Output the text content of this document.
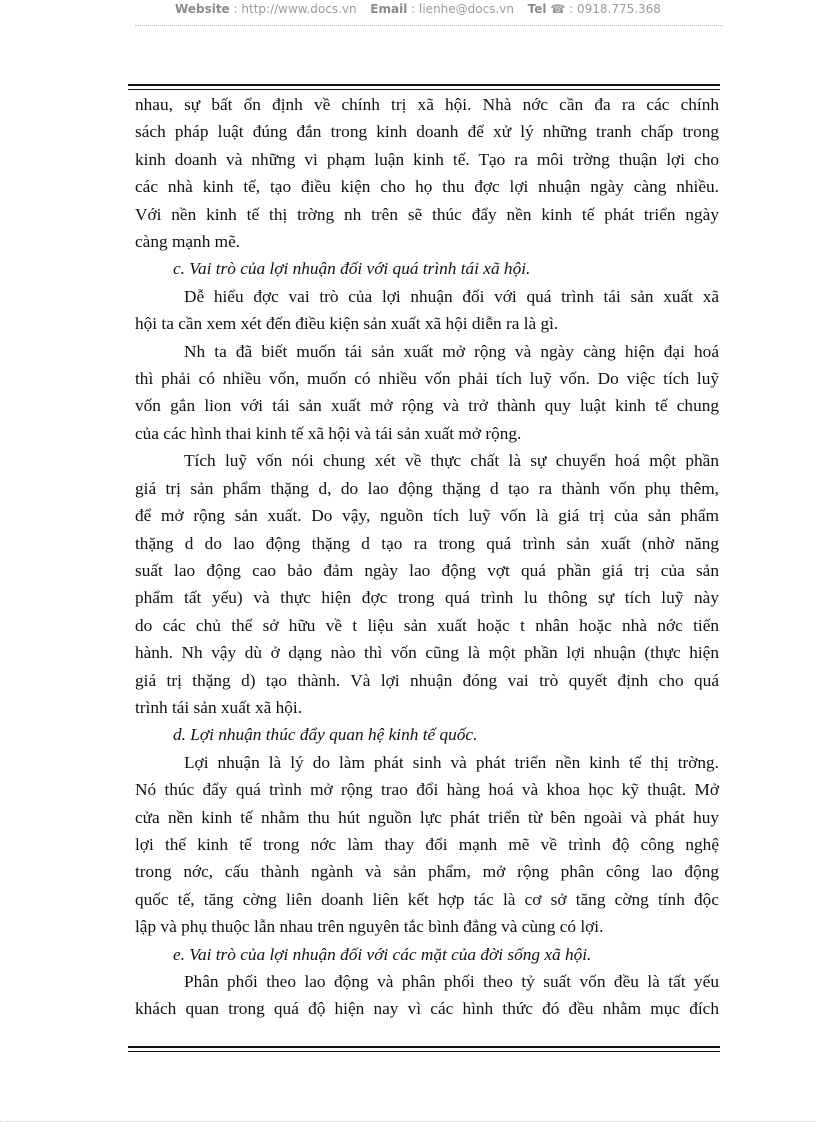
Website : http://www.docs.vn Email : lienhe@docs.vn Tel ☎ : 0918.775.368

nhau, sự bất ổn định về chính trị xã hội. Nhà nớc cần đa ra các chính
sách pháp luật đúng đắn trong kinh doanh để xử lý những tranh chấp trong
kinh doanh và những vi phạm luận kinh tế. Tạo ra môi trờng thuận lợi cho
các nhà kinh tế, tạo điều kiện cho họ thu đợc lợi nhuận ngày càng nhiều.
Với nền kinh tế thị trờng nh trên sẽ thúc đẩy nền kinh tế phát triển ngày
càng mạnh mẽ.

c. Vai trò của lợi nhuận đối với quá trình tái xã hội.

Dễ hiểu đợc vai trò của lợi nhuận đối với quá trình tái sản xuất xã
hội ta cần xem xét đến điều kiện sản xuất xã hội diễn ra là gì.

Nh ta đã biết muốn tái sản xuất mở rộng và ngày càng hiện đại hoá
thì phải có nhiều vốn, muốn có nhiều vốn phải tích luỹ vốn. Do việc tích luỹ
vốn gắn lion với tái sản xuất mở rộng và trở thành quy luật kinh tế chung
của các hình thai kinh tế xã hội và tái sản xuất mở rộng.

Tích luỹ vốn nói chung xét về thực chất là sự chuyển hoá một phần
giá trị sản phẩm thặng d, do lao động thặng d tạo ra thành vốn phụ thêm,
để mở rộng sản xuất. Do vậy, nguồn tích luỹ vốn là giá trị của sản phẩm
thặng d do lao động thặng d tạo ra trong quá trình sản xuất (nhờ năng
suất lao động cao bảo đảm ngày lao động vợt quá phần giá trị của sản
phẩm tất yếu) và thực hiện đợc trong quá trình lu thông sự tích luỹ này
do các chủ thể sở hữu về t liệu sản xuất hoặc t nhân hoặc nhà nớc tiến
hành. Nh vậy dù ở dạng nào thì vốn cũng là một phần lợi nhuận (thực hiện
giá trị thặng d) tạo thành. Và lợi nhuận đóng vai trò quyết định cho quá
trình tái sản xuất xã hội.

d. Lợi nhuận thúc đẩy quan hệ kinh tế quốc.

Lợi nhuận là lý do làm phát sinh và phát triển nền kinh tế thị trờng.
Nó thúc đẩy quá trình mở rộng trao đổi hàng hoá và khoa học kỹ thuật. Mở
cửa nền kinh tế nhằm thu hút nguồn lực phát triển từ bên ngoài và phát huy
lợi thế kinh tế trong nớc làm thay đổi mạnh mẽ về trình độ công nghệ
trong nớc, cấu thành ngành và sản phẩm, mở rộng phân công lao động
quốc tế, tăng cờng liên doanh liên kết hợp tác là cơ sở tăng cờng tính độc
lập và phụ thuộc lẫn nhau trên nguyên tắc bình đẳng và cùng có lợi.

e. Vai trò của lợi nhuận đối với các mặt của đời sống xã hội.

Phân phối theo lao động và phân phối theo tỷ suất vốn đều là tất yếu
khách quan trong quá độ hiện nay vì các hình thức đó đều nhằm mục đích
